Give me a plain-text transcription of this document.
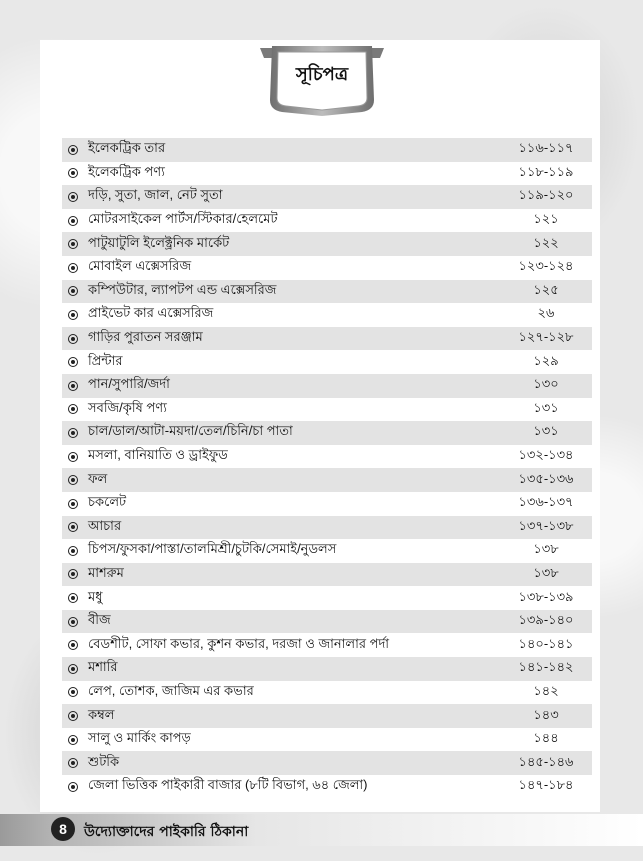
সূচিপত্র
ইলেকট্রিক তার	১১৬-১১৭
ইলেকট্রিক পণ্য	১১৮-১১৯
দড়ি, সুতা, জাল, নেট সুতা	১১৯-১২০
মোটরসাইকেল পার্টস/স্টিকার/হেলমেট	১২১
পাটুয়াটুলি ইলেক্ট্রনিক মার্কেট	১২২
মোবাইল এক্সেসরিজ	১২৩-১২৪
কম্পিউটার, ল্যাপটপ এন্ড এক্সেসরিজ	১২৫
প্রাইভেট কার এক্সেসরিজ	২৬
গাড়ির পুরাতন সরঞ্জাম	১২৭-১২৮
প্রিন্টার	১২৯
পান/সুপারি/জর্দা	১৩০
সবজি/কৃষি পণ্য	১৩১
চাল/ডাল/আটা-ময়দা/তেল/চিনি/চা পাতা	১৩১
মসলা, বানিয়াতি ও ড্রাইফুড	১৩২-১৩৪
ফল	১৩৫-১৩৬
চকলেট	১৩৬-১৩৭
আচার	১৩৭-১৩৮
চিপস/ফুসকা/পাস্তা/তালমিশ্রী/চুটকি/সেমাই/নুডলস	১৩৮
মাশরুম	১৩৮
মধু	১৩৮-১৩৯
বীজ	১৩৯-১৪০
বেডশীট, সোফা কভার, কুশন কভার, দরজা ও জানালার পর্দা	১৪০-১৪১
মশারি	১৪১-১৪২
লেপ, তোশক, জাজিম এর কভার	১৪২
কম্বল	১৪৩
সালু ও মার্কিং কাপড়	১৪৪
শুটকি	১৪৫-১৪৬
জেলা ভিত্তিক পাইকারী বাজার (৮টি বিভাগ, ৬৪ জেলা)	১৪৭-১৮৪
8	উদ্যোক্তাদের পাইকারি ঠিকানা
